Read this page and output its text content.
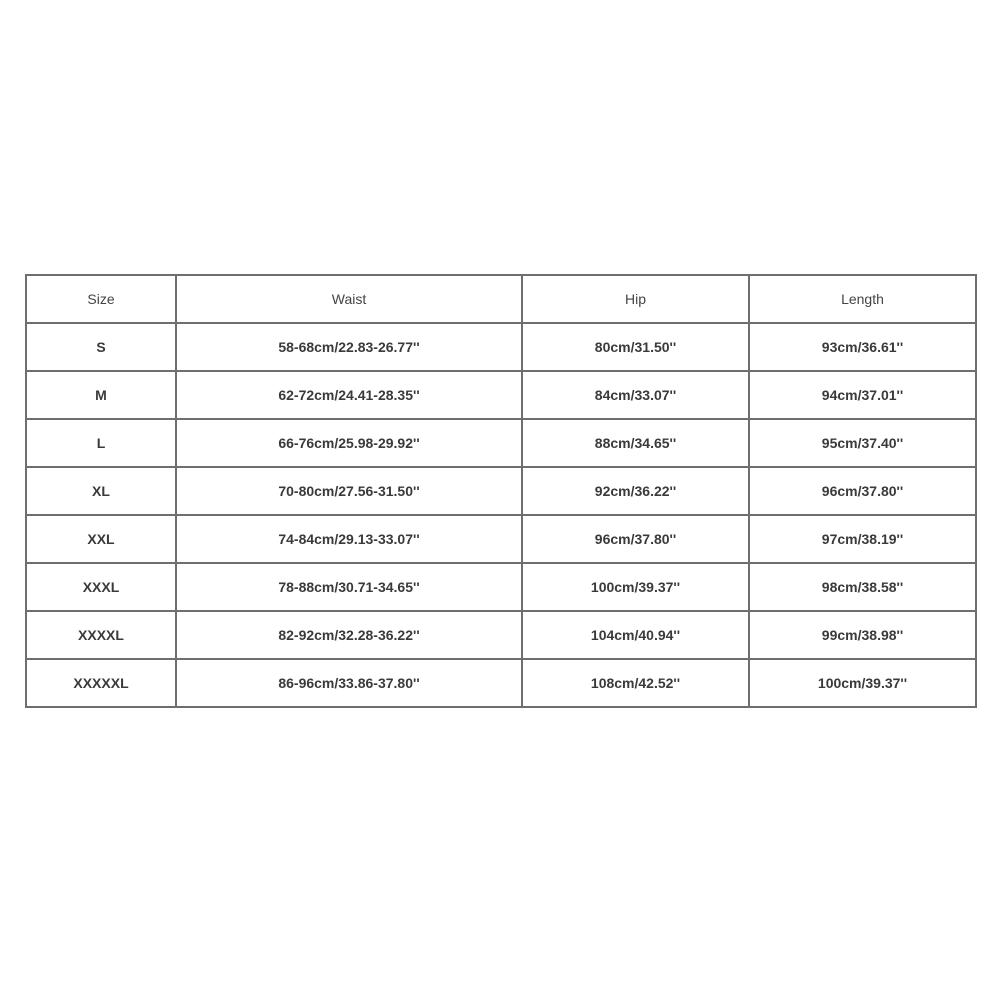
Size	Waist	Hip	Length
S	58-68cm/22.83-26.77''	80cm/31.50''	93cm/36.61''
M	62-72cm/24.41-28.35''	84cm/33.07''	94cm/37.01''
L	66-76cm/25.98-29.92''	88cm/34.65''	95cm/37.40''
XL	70-80cm/27.56-31.50''	92cm/36.22''	96cm/37.80''
XXL	74-84cm/29.13-33.07''	96cm/37.80''	97cm/38.19''
XXXL	78-88cm/30.71-34.65''	100cm/39.37''	98cm/38.58''
XXXXL	82-92cm/32.28-36.22''	104cm/40.94''	99cm/38.98''
XXXXXL	86-96cm/33.86-37.80''	108cm/42.52''	100cm/39.37''
